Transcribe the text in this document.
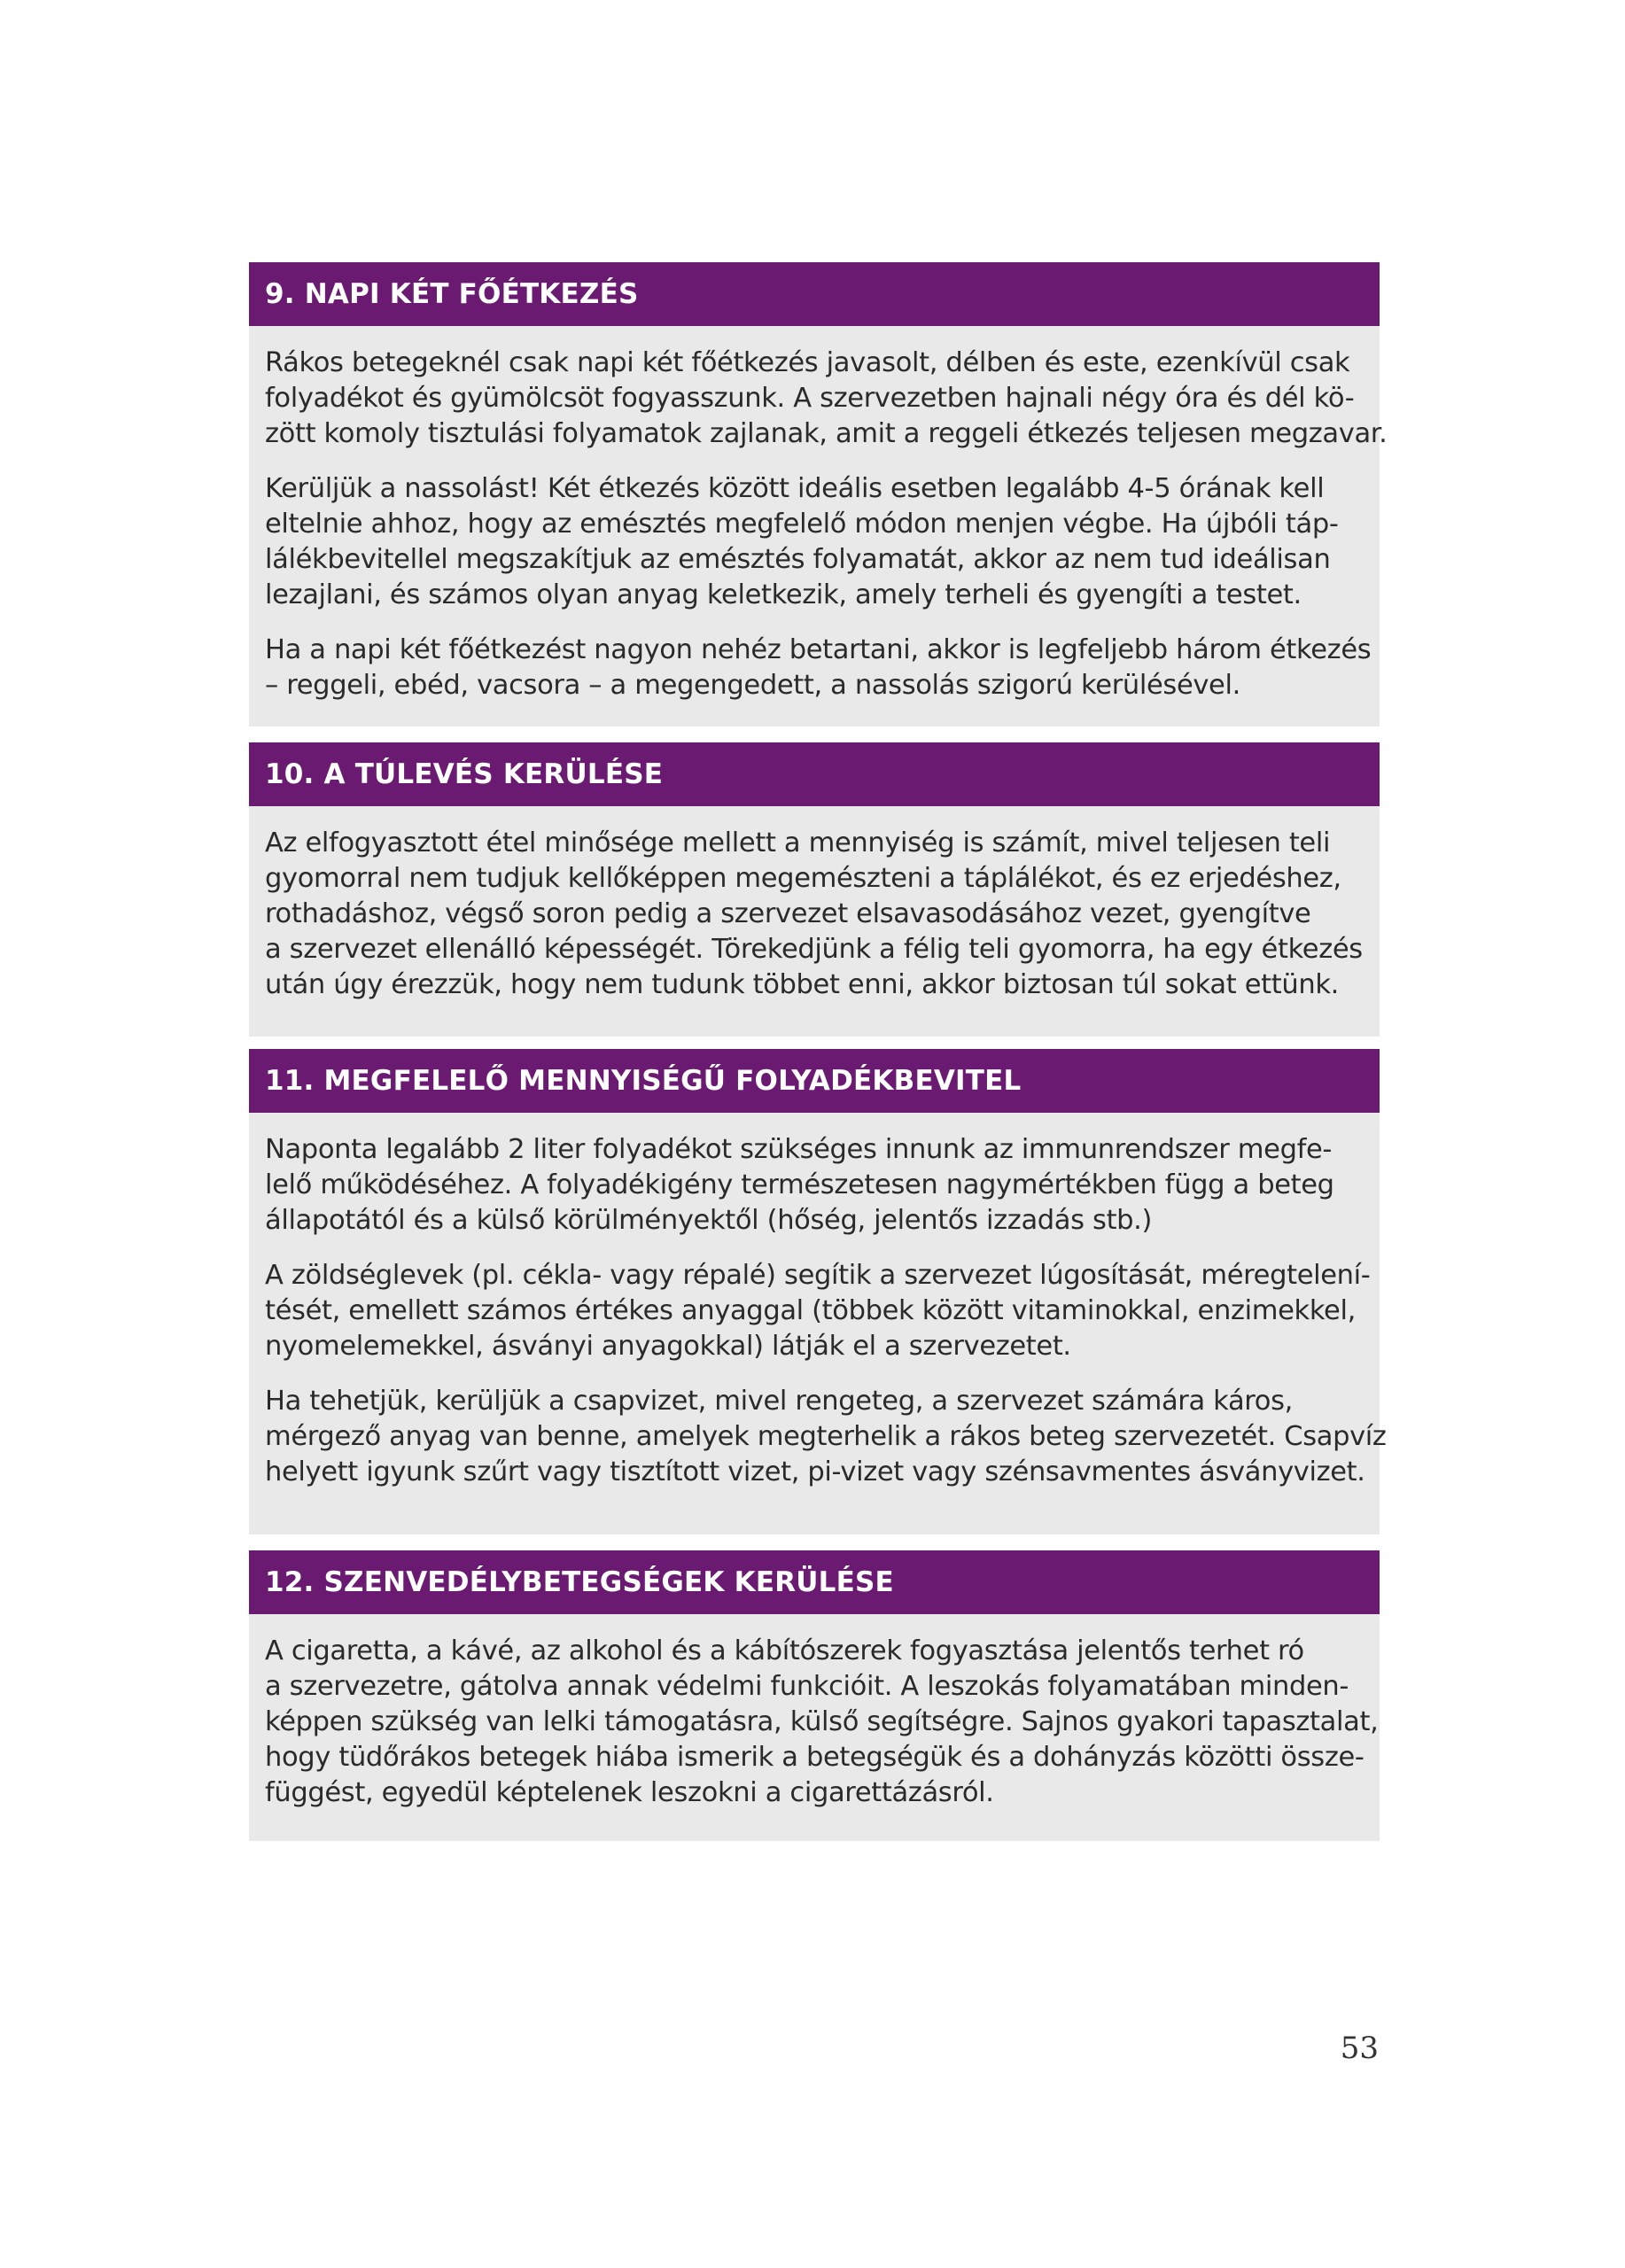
9. NAPI KÉT FŐÉTKEZÉS

Rákos betegeknél csak napi két főétkezés javasolt, délben és este, ezenkívül csak
folyadékot és gyümölcsöt fogyasszunk. A szervezetben hajnali négy óra és dél kö-
zött komoly tisztulási folyamatok zajlanak, amit a reggeli étkezés teljesen megzavar.

Kerüljük a nassolást! Két étkezés között ideális esetben legalább 4-5 órának kell
eltelnie ahhoz, hogy az emésztés megfelelő módon menjen végbe. Ha újbóli táp-
lálékbevitellel megszakítjuk az emésztés folyamatát, akkor az nem tud ideálisan
lezajlani, és számos olyan anyag keletkezik, amely terheli és gyengíti a testet.

Ha a napi két főétkezést nagyon nehéz betartani, akkor is legfeljebb három étkezés
– reggeli, ebéd, vacsora – a megengedett, a nassolás szigorú kerülésével.

10. A TÚLEVÉS KERÜLÉSE

Az elfogyasztott étel minősége mellett a mennyiség is számít, mivel teljesen teli
gyomorral nem tudjuk kellőképpen megemészteni a táplálékot, és ez erjedéshez,
rothadáshoz, végső soron pedig a szervezet elsavasodásához vezet, gyengítve
a szervezet ellenálló képességét. Törekedjünk a félig teli gyomorra, ha egy étkezés
után úgy érezzük, hogy nem tudunk többet enni, akkor biztosan túl sokat ettünk.

11. MEGFELELŐ MENNYISÉGŰ FOLYADÉKBEVITEL

Naponta legalább 2 liter folyadékot szükséges innunk az immunrendszer megfe-
lelő működéséhez. A folyadékigény természetesen nagymértékben függ a beteg
állapotától és a külső körülményektől (hőség, jelentős izzadás stb.)

A zöldséglevek (pl. cékla- vagy répalé) segítik a szervezet lúgosítását, méregtelení-
tését, emellett számos értékes anyaggal (többek között vitaminokkal, enzimekkel,
nyomelemekkel, ásványi anyagokkal) látják el a szervezetet.

Ha tehetjük, kerüljük a csapvizet, mivel rengeteg, a szervezet számára káros,
mérgező anyag van benne, amelyek megterhelik a rákos beteg szervezetét. Csapvíz
helyett igyunk szűrt vagy tisztított vizet, pi-vizet vagy szénsavmentes ásványvizet.

12. SZENVEDÉLYBETEGSÉGEK KERÜLÉSE

A cigaretta, a kávé, az alkohol és a kábítószerek fogyasztása jelentős terhet ró
a szervezetre, gátolva annak védelmi funkcióit. A leszokás folyamatában minden-
képpen szükség van lelki támogatásra, külső segítségre. Sajnos gyakori tapasztalat,
hogy tüdőrákos betegek hiába ismerik a betegségük és a dohányzás közötti össze-
függést, egyedül képtelenek leszokni a cigarettázásról.

53
